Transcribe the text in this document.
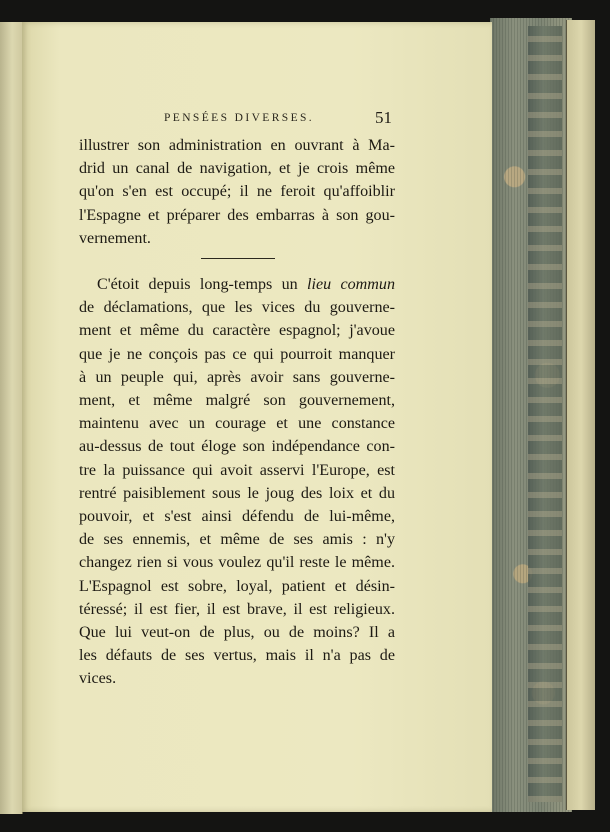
PENSÉES DIVERSES.	51
illustrer son administration en ouvrant à Ma-
drid un canal de navigation, et je crois même
qu'on s'en est occupé; il ne feroit qu'affoiblir
l'Espagne et préparer des embarras à son gou-
vernement.
C'étoit depuis long-temps un lieu commun
de déclamations, que les vices du gouverne-
ment et même du caractère espagnol; j'avoue
que je ne conçois pas ce qui pourroit manquer
à un peuple qui, après avoir sans gouverne-
ment, et même malgré son gouvernement,
maintenu avec un courage et une constance
au-dessus de tout éloge son indépendance con-
tre la puissance qui avoit asservi l'Europe, est
rentré paisiblement sous le joug des loix et du
pouvoir, et s'est ainsi défendu de lui-même,
de ses ennemis, et même de ses amis : n'y
changez rien si vous voulez qu'il reste le même.
L'Espagnol est sobre, loyal, patient et désin-
téressé; il est fier, il est brave, il est religieux.
Que lui veut-on de plus, ou de moins? Il a
les défauts de ses vertus, mais il n'a pas de
vices.
